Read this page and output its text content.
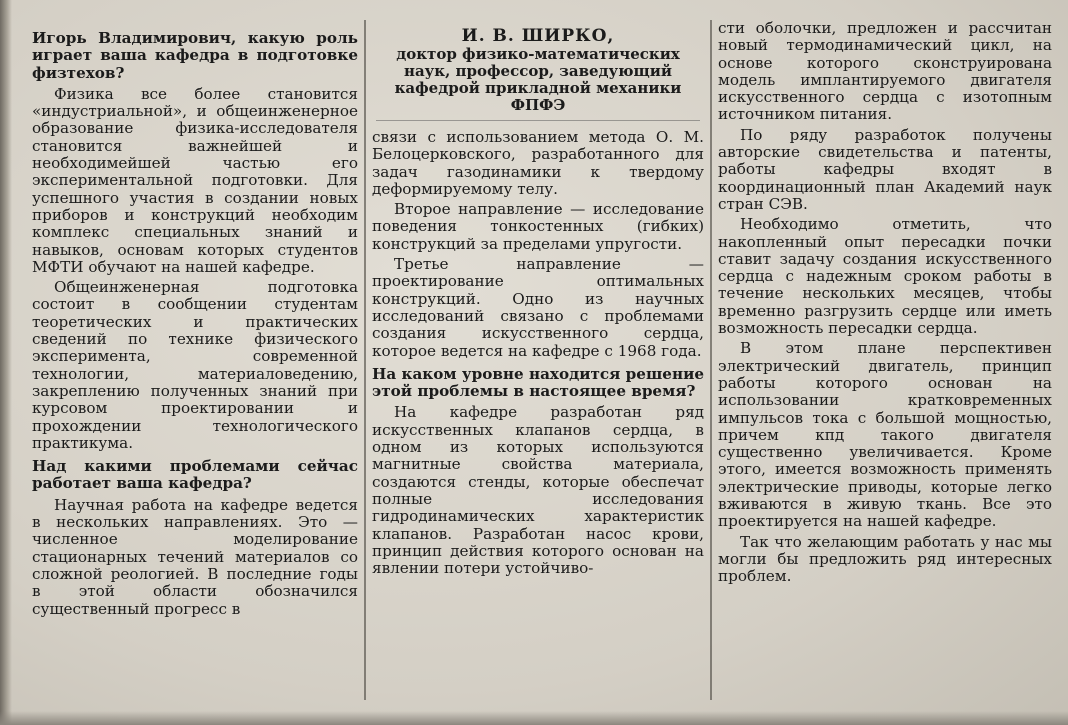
Игорь Владимирович, какую роль играет ваша кафедра в подготовке физтехов?

Физика все более становится «индустриальной», и общеинженерное образование физика-исследователя становится важнейшей и необходимейшей частью его экспериментальной подготовки. Для успешного участия в создании новых приборов и конструкций необходим комплекс специальных знаний и навыков, основам которых студентов МФТИ обучают на нашей кафедре.

Общеинженерная подготовка состоит в сообщении студентам теоретических и практических сведений по технике физического эксперимента, современной технологии, материаловедению, закреплению полученных знаний при курсовом проектировании и прохождении технологического практикума.

Над какими проблемами сейчас работает ваша кафедра?

Научная работа на кафедре ведется в нескольких направлениях. Это — численное моделирование стационарных течений материалов со сложной реологией. В последние годы в этой области обозначился существенный прогресс в

И. В. ШИРКО,
доктор физико-математических наук, профессор, заведующий кафедрой прикладной механики ФПФЭ

связи с использованием метода О. М. Белоцерковского, разработанного для задач газодинамики к твердому деформируемому телу.

Второе направление — исследование поведения тонкостенных (гибких) конструкций за пределами упругости.

Третье направление — проектирование оптимальных конструкций. Одно из научных исследований связано с проблемами создания искусственного сердца, которое ведется на кафедре с 1968 года.

На каком уровне находится решение этой проблемы в настоящее время?

На кафедре разработан ряд искусственных клапанов сердца, в одном из которых используются магнитные свойства материала, создаются стенды, которые обеспечат полные исследования гидродинамических характеристик клапанов. Разработан насос крови, принцип действия которого основан на явлении потери устойчиво-

сти оболочки, предложен и рассчитан новый термодинамический цикл, на основе которого сконструирована модель имплантируемого двигателя искусственного сердца с изотопным источником питания.

По ряду разработок получены авторские свидетельства и патенты, работы кафедры входят в координационный план Академий наук стран СЭВ.

Необходимо отметить, что накопленный опыт пересадки почки ставит задачу создания искусственного сердца с надежным сроком работы в течение нескольких месяцев, чтобы временно разгрузить сердце или иметь возможность пересадки сердца.

В этом плане перспективен электрический двигатель, принцип работы которого основан на использовании кратковременных импульсов тока с большой мощностью, причем кпд такого двигателя существенно увеличивается. Кроме этого, имеется возможность применять электрические приводы, которые легко вживаются в живую ткань. Все это проектируется на нашей кафедре.

Так что желающим работать у нас мы могли бы предложить ряд интересных проблем.
